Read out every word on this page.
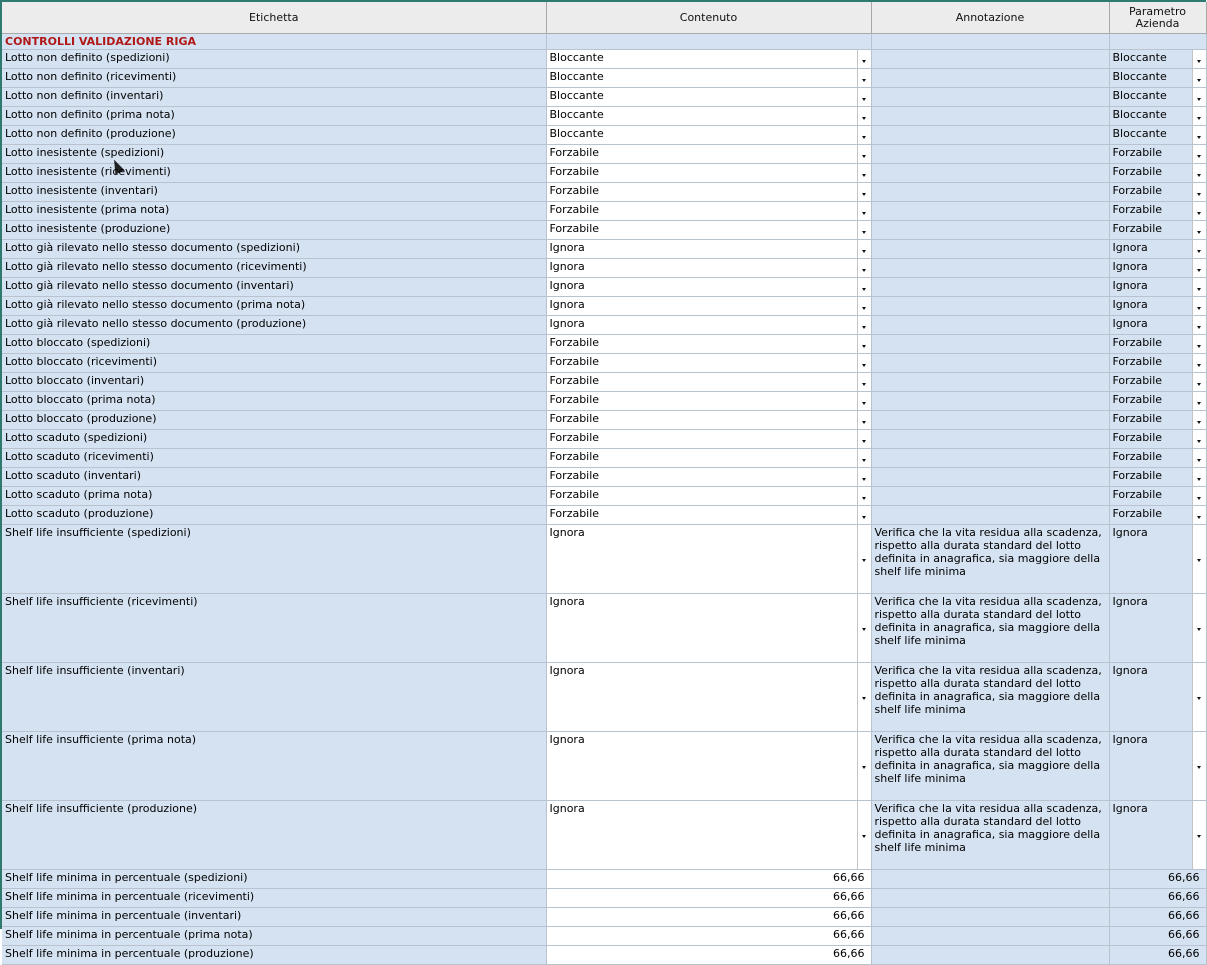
Etichetta	Contenuto	Annotazione	Parametro Azienda
CONTROLLI VALIDAZIONE RIGA			
Lotto non definito (spedizioni)	Bloccante		Bloccante

Lotto non definito (ricevimenti)	Bloccante		Bloccante

Lotto non definito (inventari)	Bloccante		Bloccante

Lotto non definito (prima nota)	Bloccante		Bloccante

Lotto non definito (produzione)	Bloccante		Bloccante

Lotto inesistente (spedizioni)	Forzabile		Forzabile

Lotto inesistente (ricevimenti)	Forzabile		Forzabile

Lotto inesistente (inventari)	Forzabile		Forzabile

Lotto inesistente (prima nota)	Forzabile		Forzabile

Lotto inesistente (produzione)	Forzabile		Forzabile

Lotto già rilevato nello stesso documento (spedizioni)	Ignora		Ignora

Lotto già rilevato nello stesso documento (ricevimenti)	Ignora		Ignora

Lotto già rilevato nello stesso documento (inventari)	Ignora		Ignora

Lotto già rilevato nello stesso documento (prima nota)	Ignora		Ignora

Lotto già rilevato nello stesso documento (produzione)	Ignora		Ignora

Lotto bloccato (spedizioni)	Forzabile		Forzabile

Lotto bloccato (ricevimenti)	Forzabile		Forzabile

Lotto bloccato (inventari)	Forzabile		Forzabile

Lotto bloccato (prima nota)	Forzabile		Forzabile

Lotto bloccato (produzione)	Forzabile		Forzabile

Lotto scaduto (spedizioni)	Forzabile		Forzabile

Lotto scaduto (ricevimenti)	Forzabile		Forzabile

Lotto scaduto (inventari)	Forzabile		Forzabile

Lotto scaduto (prima nota)	Forzabile		Forzabile

Lotto scaduto (produzione)	Forzabile		Forzabile

Shelf life insufficiente (spedizioni)	Ignora	Verifica che la vita residua alla scadenza, rispetto alla durata standard del lotto definita in anagrafica, sia maggiore della shelf life minima	Ignora

Shelf life insufficiente (ricevimenti)	Ignora	Verifica che la vita residua alla scadenza, rispetto alla durata standard del lotto definita in anagrafica, sia maggiore della shelf life minima	Ignora

Shelf life insufficiente (inventari)	Ignora	Verifica che la vita residua alla scadenza, rispetto alla durata standard del lotto definita in anagrafica, sia maggiore della shelf life minima	Ignora

Shelf life insufficiente (prima nota)	Ignora	Verifica che la vita residua alla scadenza, rispetto alla durata standard del lotto definita in anagrafica, sia maggiore della shelf life minima	Ignora

Shelf life insufficiente (produzione)	Ignora	Verifica che la vita residua alla scadenza, rispetto alla durata standard del lotto definita in anagrafica, sia maggiore della shelf life minima	Ignora

Shelf life minima in percentuale (spedizioni)	66,66		66,66

Shelf life minima in percentuale (ricevimenti)	66,66		66,66

Shelf life minima in percentuale (inventari)	66,66		66,66

Shelf life minima in percentuale (prima nota)	66,66		66,66

Shelf life minima in percentuale (produzione)	66,66		66,66
